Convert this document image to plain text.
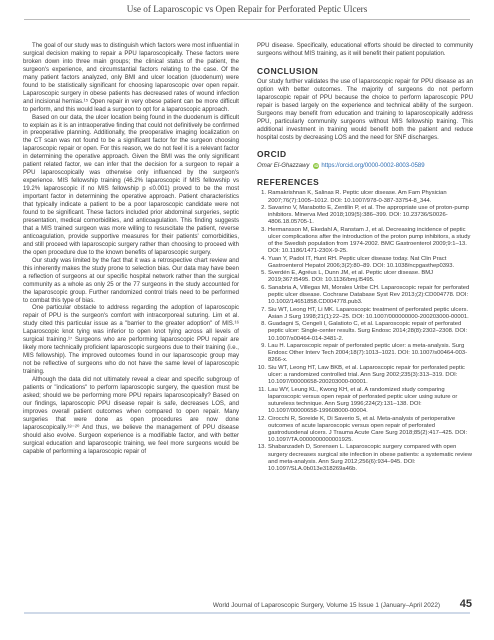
Use of Laparoscopic vs Open Repair for Perforated Peptic Ulcers

The goal of our study was to distinguish which factors were most influential in surgical decision making to repair a PPU laparoscopically. These factors were broken down into three main groups; the clinical status of the patient, the surgeon's experience, and circumstantial factors relating to the case. Of the many patient factors analyzed, only BMI and ulcer location (duodenum) were found to be statistically significant for choosing laparoscopic over open repair. Laparoscopic surgery in obese patients has decreased rates of wound infection and incisional hernias.¹⁵ Open repair in very obese patient can be more difficult to perform, and this would lead a surgeon to opt for a laparoscopic approach.

Based on our data, the ulcer location being found in the duodenum is difficult to explain as it is an intraoperative finding that could not definitively be confirmed in preoperative planning. Additionally, the preoperative imaging localization on the CT scan was not found to be a significant factor for the surgeon choosing laparoscopic repair or open. For this reason, we do not feel it is a relevant factor in determining the operative approach. Given the BMI was the only significant patient related factor, we can infer that the decision for a surgeon to repair a PPU laparoscopically was otherwise only influenced by the surgeon's experience. MIS fellowship training (46.2% laparoscopic if MIS fellowship vs 19.2% laparoscopic if no MIS fellowship p ≤0.001) proved to be the most important factor in determining the operative approach. Patient characteristics that typically indicate a patient to be a poor laparoscopic candidate were not found to be significant. These factors included prior abdominal surgeries, septic presentation, medical comorbidities, and anticoagulation. This finding suggests that a MIS trained surgeon was more willing to resuscitate the patient, reverse anticoagulation, provide supportive measures for their patients' comorbidities, and still proceed with laparoscopic surgery rather than choosing to proceed with the open procedure due to the known benefits of laparoscopic surgery.

Our study was limited by the fact that it was a retrospective chart review and this inherently makes the study prone to selection bias. Our data may have been a reflection of surgeons at our specific hospital network rather than the surgical community as a whole as only 25 or the 77 surgeons in the study accounted for the laparoscopic group. Further randomized control trials need to be performed to combat this type of bias.

One particular obstacle to address regarding the adoption of laparoscopic repair of PPU is the surgeon's comfort with intracorporeal suturing. Lim et al. study cited this particular issue as a "barrier to the greater adoption" of MIS.¹⁶ Laparoscopic knot tying was inferior to open knot tying across all levels of surgical training.¹⁷ Surgeons who are performing laparoscopic PPU repair are likely more technically proficient laparoscopic surgeons due to their training (i.e., MIS fellowship). The improved outcomes found in our laparoscopic group may not be reflective of surgeons who do not have the same level of laparoscopic training.

Although the data did not ultimately reveal a clear and specific subgroup of patients or "indications" to perform laparoscopic surgery, the question must be asked; should we be performing more PPU repairs laparoscopically? Based on our findings, laparoscopic PPU disease repair is safe, decreases LOS, and improves overall patient outcomes when compared to open repair. Many surgeries that were done as open procedures are now done laparoscopically.¹⁸⁻²⁰ And thus, we believe the management of PPU disease should also evolve. Surgeon experience is a modifiable factor, and with better surgical education and laparoscopic training, we feel more surgeons would be capable of performing a laparoscopic repair of

PPU disease. Specifically, educational efforts should be directed to community surgeons without MIS training, as it will benefit their patient population.

CONCLUSION

Our study further validates the use of laparoscopic repair for PPU disease as an option with better outcomes. The majority of surgeons do not perform laparoscopic repair of PPU because the choice to perform laparoscopic PPU repair is based largely on the experience and technical ability of the surgeon. Surgeons may benefit from education and training to laparoscopically address PPU, particularly community surgeons without MIS fellowship training. This additional investment in training would benefit both the patient and reduce hospital costs by decreasing LOS and the need for SNF discharges.

ORCID
Omar El-Ghazzawy iD https://orcid.org/0000-0002-8003-0589
REFERENCES
1. Ramakrishnan K, Salinas R. Peptic ulcer disease. Am Fam Physician 2007;76(7):1005–1012. DOI: 10.1007/978-0-387-33754-8_344.
2. Savarino V, Marabotto E, Zentilin P, et al. The appropriate use of proton-pump inhibitors. Minerva Med 2018;109(5):386–399. DOI: 10.23736/S0026-4806.18.05705-1.
3. Hermansson M, Ekedahl A, Ranstam J, et al. Decreasing incidence of peptic ulcer complications after the introduction of the proton pump inhibitors, a study of the Swedish population from 1974-2002. BMC Gastroenterol 2009;9:1–13. DOI: 10.1186/1471-230X-9-25.
4. Yuan Y, Padol IT, Hunt RH. Peptic ulcer disease today. Nat Clin Pract Gastroenterol Hepatol 2006;3(2):80–89. DOI: 10.1038/ncpgasthep0393.
5. Sverdén E, Agréus L, Dunn JM, et al. Peptic ulcer disease. BMJ 2019;367:l5495. DOI: 10.1136/bmj.l5495.
6. Sanabria A, Villegas MI, Morales Uribe CH. Laparoscopic repair for perforated peptic ulcer disease. Cochrane Database Syst Rev 2013;(2):CD004778. DOI: 10.1002/14651858.CD004778.pub3.
7. Siu WT, Leong HT, Li MK. Laparoscopic treatment of perforated peptic ulcers. Asian J Surg 1998;21(1):22–25. DOI: 10.1007/000000000-200203000-00001.
8. Guadagni S, Cengeli I, Galatioto C, et al. Laparoscopic repair of perforated peptic ulcer: Single-center results. Surg Endosc 2014;28(8):2302–2308. DOI: 10.1007/s00464-014-3481-2.
9. Lau H. Laparoscopic repair of perforated peptic ulcer: a meta-analysis. Surg Endosc Other Interv Tech 2004;18(7):1013–1021. DOI: 10.1007/s00464-003-8266-x.
10. Siu WT, Leong HT, Law BKB, et al. Laparoscopic repair for perforated peptic ulcer: a randomized controlled trial. Ann Surg 2002;235(3):313–319. DOI: 10.1097/00000658-200203000-00001.
11. Lau WY, Leung KL, Kwong KH, et al. A randomized study comparing laparoscopic versus open repair of perforated peptic ulcer using suture or sutureless technique. Ann Surg 1996;224(2):131–138. DOI: 10.1097/00000658-199608000-00004.
12. Cirocchi R, Soreide K, Di Saverio S, et al. Meta-analysis of perioperative outcomes of acute laparoscopic versus open repair of perforated gastroduodenal ulcers. J Trauma Acute Care Surg 2018;85(2):417–425. DOI: 10.1097/TA.0000000000001925.
13. Shabanzadeh D, Sorensen L. Laparoscopic surgery compared with open surgery decreases surgical site infection in obese patients: a systematic review and meta-analysis. Ann Surg 2012;256(6):934–945. DOI: 10.1097/SLA.0b013e318269a46b.
World Journal of Laparoscopic Surgery, Volume 15 Issue 1 (January–April 2022) 45
